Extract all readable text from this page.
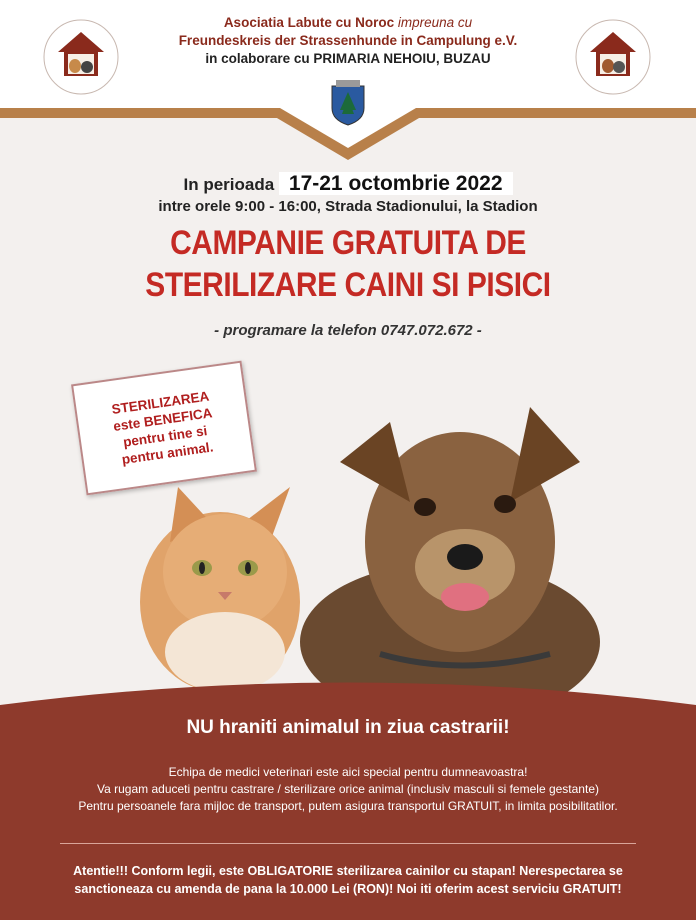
Asociatia Labute cu Noroc impreuna cu
Freundeskreis der Strassenhunde in Campulung e.V.
in colaborare cu PRIMARIA NEHOIU, BUZAU
In perioada 17-21 octombrie 2022
intre orele 9:00 - 16:00, Strada Stadionului, la Stadion
CAMPANIE GRATUITA DE
STERILIZARE CAINI SI PISICI
- programare la telefon 0747.072.672 -
STERILIZAREA este BENEFICA pentru tine si pentru animal.
NU hraniti animalul in ziua castrarii!
Echipa de medici veterinari este aici special pentru dumneavoastra!
Va rugam aduceti pentru castrare / sterilizare orice animal (inclusiv masculi si femele gestante)
Pentru persoanele fara mijloc de transport, putem asigura transportul GRATUIT, in limita posibilitatilor.
Atentie!!! Conform legii, este OBLIGATORIE sterilizarea cainilor cu stapan! Nerespectarea se
sanctioneaza cu amenda de pana la 10.000 Lei (RON)! Noi iti oferim acest serviciu GRATUIT!
